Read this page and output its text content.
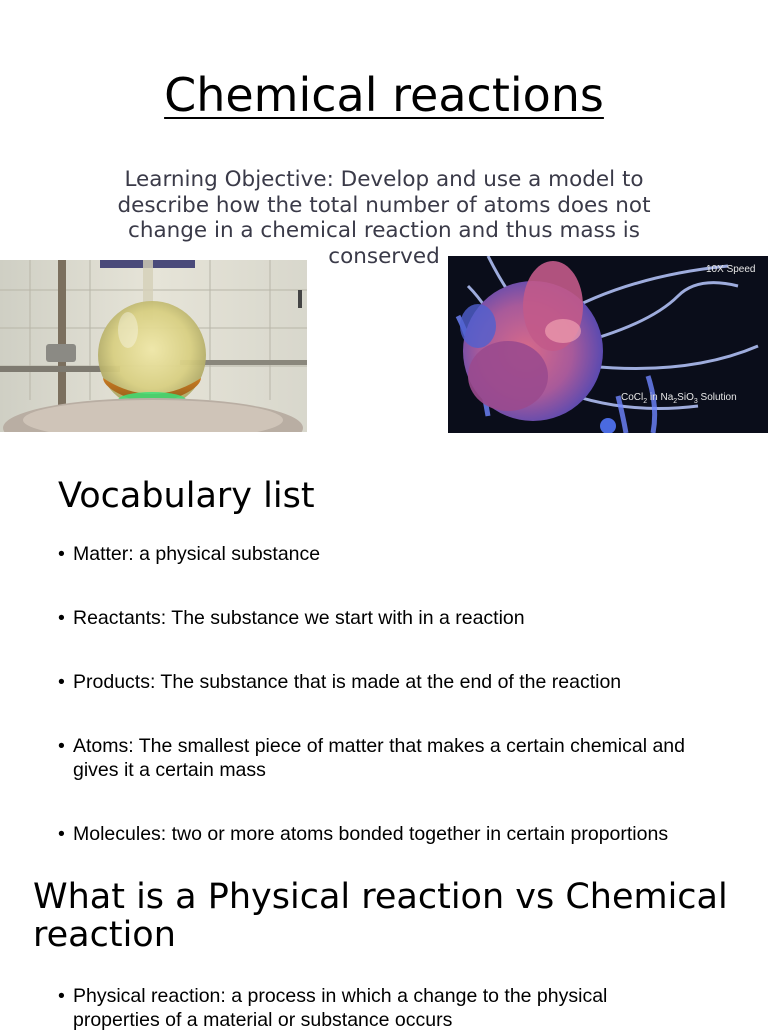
Chemical reactions

Learning Objective: Develop and use a model to describe how the total number of atoms does not change in a chemical reaction and thus mass is conserved

10X Speed
CoCl$_2$ in $Na_2SiO_3$ Solution
Vocabulary list
• Matter: a physical substance
• Reactants: The substance we start with in a reaction
• Products: The substance that is made at the end of the reaction
• Atoms: The smallest piece of matter that makes a certain chemical and gives it a certain mass
• Molecules: two or more atoms bonded together in certain proportions
What is a Physical reaction vs Chemical reaction
• Physical reaction: a process in which a change to the physical properties of a material or substance occurs
